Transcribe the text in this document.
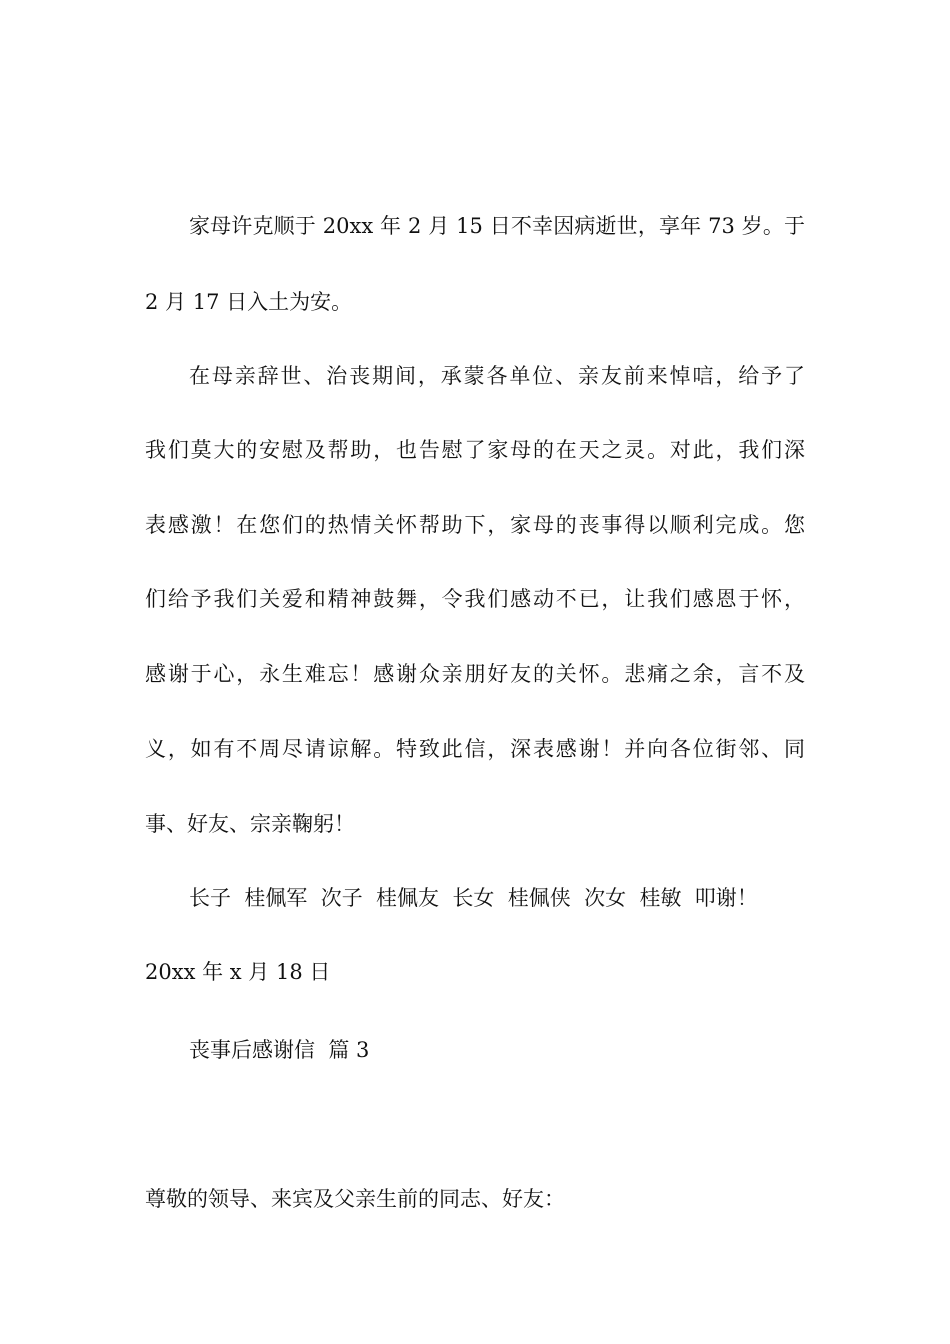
家母许克顺于 20xx 年 2 月 15 日不幸因病逝世，享年 73 岁。于

2 月 17 日入土为安。

在母亲辞世、治丧期间，承蒙各单位、亲友前来悼唁，给予了

我们莫大的安慰及帮助，也告慰了家母的在天之灵。对此，我们深

表感激！在您们的热情关怀帮助下，家母的丧事得以顺利完成。您

们给予我们关爱和精神鼓舞，令我们感动不已，让我们感恩于怀，

感谢于心，永生难忘！感谢众亲朋好友的关怀。悲痛之余，言不及

义，如有不周尽请谅解。特致此信，深表感谢！并向各位街邻、同

事、好友、宗亲鞠躬！

长子  桂佩军  次子  桂佩友  长女  桂佩侠  次女  桂敏  叩谢！

20xx 年 x 月 18 日

丧事后感谢信  篇 3

尊敬的领导、来宾及父亲生前的同志、好友：
